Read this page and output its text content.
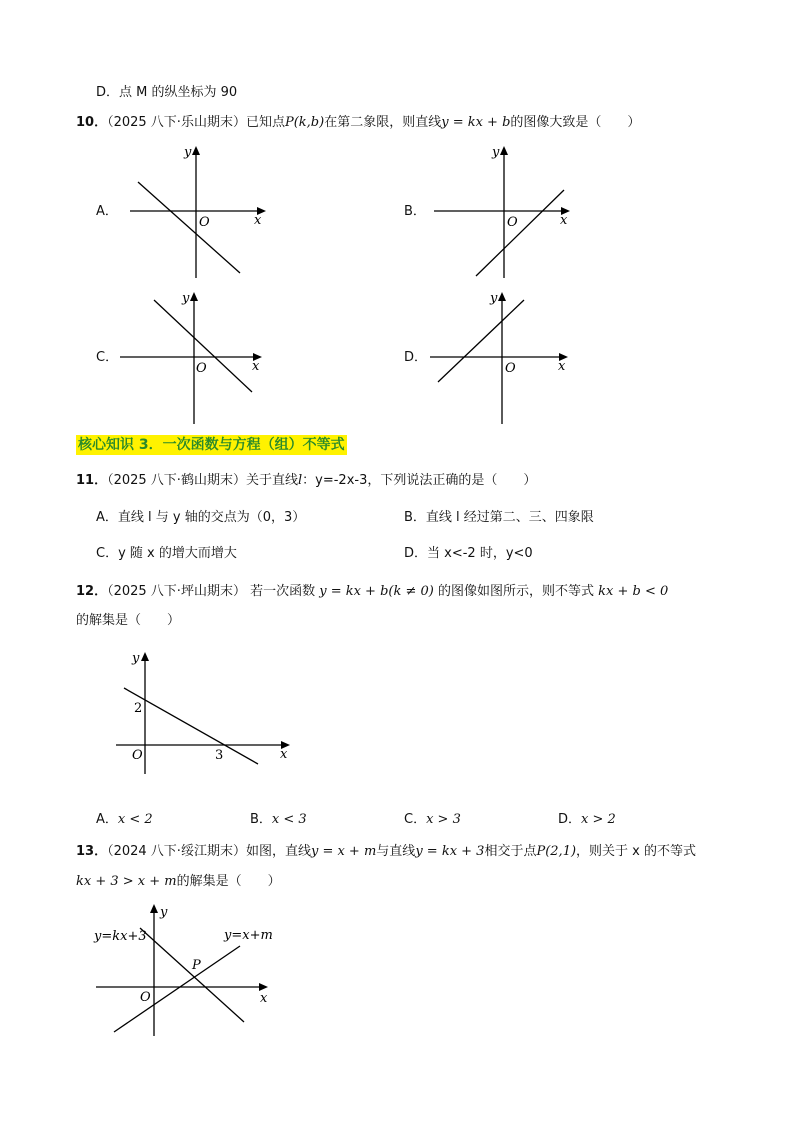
D．点 M 的纵坐标为 90
10．（2025 八下·乐山期末）已知点P(k,b)在第二象限，则直线y = kx + b的图像大致是（　　）
A．
x
y
O
B．
x
y
O
C．
x
y
O
D．
x
y
O
核心知识 3．一次函数与方程（组）不等式
11．（2025 八下·鹤山期末）关于直线l：y=-2x-3，下列说法正确的是（　　）
A．直线 l 与 y 轴的交点为（0，3）	B．直线 l 经过第二、三、四象限
C．y 随 x 的增大而增大	D．当 x<-2 时，y<0
12．（2025 八下·坪山期末） 若一次函数 y = kx + b(k ≠ 0) 的图像如图所示，则不等式 kx + b < 0
的解集是（　　）
x
y
O
2
3
A．x < 2	B．x < 3	C．x > 3	D．x > 2
13．（2024 八下·绥江期末）如图，直线y = x + m与直线y = kx + 3相交于点P(2,1)，则关于 x 的不等式
kx + 3 > x + m的解集是（　　）
x
y
O
P
y=kx+3	y=x+m
